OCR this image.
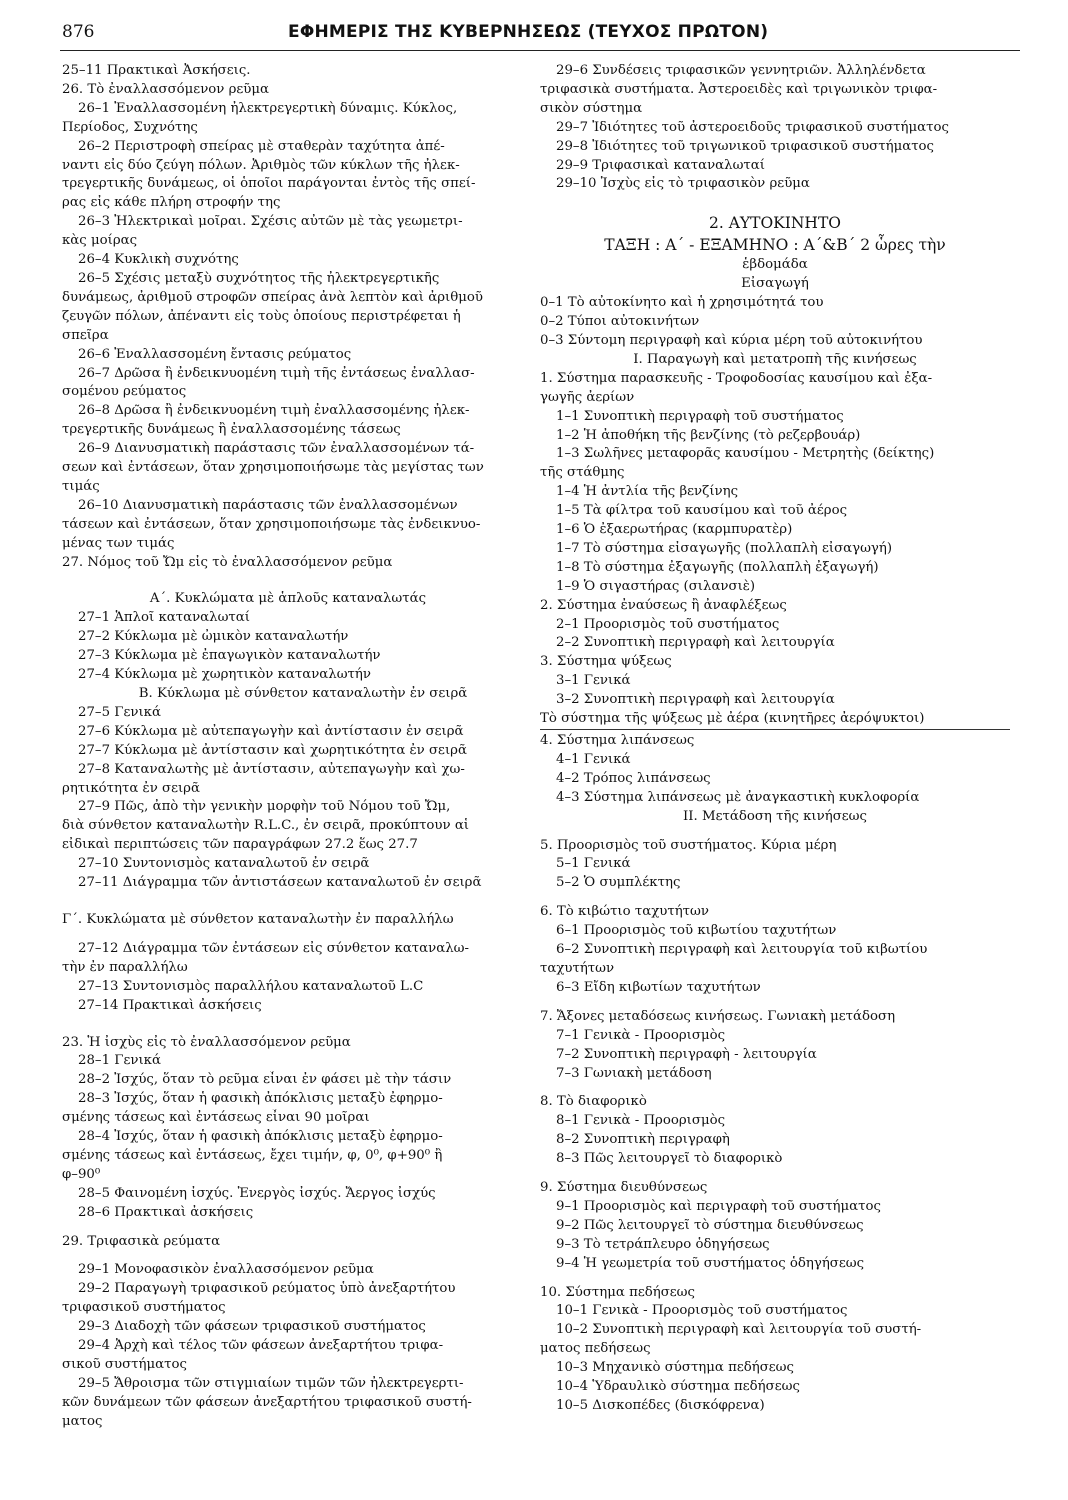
876	ΕΦΗΜΕΡΙΣ ΤΗΣ ΚΥΒΕΡΝΗΣΕΩΣ (ΤΕΥΧΟΣ ΠΡΩΤΟΝ)
25–11 Πρακτικαὶ Ἀσκήσεις.
26. Τὸ ἐναλλασσόμενον ρεῦμα
26–1 Ἐναλλασσομένη ἠλεκτρεγερτικὴ δύναμις. Κύκλος,
Περίοδος, Συχνότης
26–2 Περιστροφὴ σπείρας μὲ σταθερὰν ταχύτητα ἀπέ-
ναντι εἰς δύο ζεύγη πόλων. Ἀριθμὸς τῶν κύκλων τῆς ἠλεκ-
τρεγερτικῆς δυνάμεως, οἱ ὁποῖοι παράγονται ἐντὸς τῆς σπεί-
ρας εἰς κάθε πλήρη στροφήν της
26–3 Ἠλεκτρικαὶ μοῖραι. Σχέσις αὐτῶν μὲ τὰς γεωμετρι-
κὰς μοίρας
26–4 Κυκλικὴ συχνότης
26–5 Σχέσις μεταξὺ συχνότητος τῆς ἠλεκτρεγερτικῆς
δυνάμεως, ἀριθμοῦ στροφῶν σπείρας ἀνὰ λεπτὸν καὶ ἀριθμοῦ
ζευγῶν πόλων, ἀπέναντι εἰς τοὺς ὁποίους περιστρέφεται ἡ
σπεῖρα
26–6 Ἐναλλασσομένη ἔντασις ρεύματος
26–7 Δρῶσα ἢ ἐνδεικνυομένη τιμὴ τῆς ἐντάσεως ἐναλλασ-
σομένου ρεύματος
26–8 Δρῶσα ἢ ἐνδεικνυομένη τιμὴ ἐναλλασσομένης ἠλεκ-
τρεγερτικῆς δυνάμεως ἢ ἐναλλασσομένης τάσεως
26–9 Διανυσματικὴ παράστασις τῶν ἐναλλασσομένων τά-
σεων καὶ ἐντάσεων, ὅταν χρησιμοποιήσωμε τὰς μεγίστας των
τιμάς
26–10 Διανυσματικὴ παράστασις τῶν ἐναλλασσομένων
τάσεων καὶ ἐντάσεων, ὅταν χρησιμοποιήσωμε τὰς ἐνδεικνυο-
μένας των τιμάς
27. Νόμος τοῦ Ὤμ εἰς τὸ ἐναλλασσόμενον ρεῦμα
Α΄. Κυκλώματα μὲ ἁπλοῦς καταναλωτάς
27–1 Ἁπλοῖ καταναλωταί
27–2 Κύκλωμα μὲ ὠμικὸν καταναλωτήν
27–3 Κύκλωμα μὲ ἐπαγωγικὸν καταναλωτήν
27–4 Κύκλωμα μὲ χωρητικὸν καταναλωτήν
Β. Κύκλωμα μὲ σύνθετον καταναλωτὴν ἐν σειρᾶ
27–5 Γενικά
27–6 Κύκλωμα μὲ αὐτεπαγωγὴν καὶ ἀντίστασιν ἐν σειρᾶ
27–7 Κύκλωμα μὲ ἀντίστασιν καὶ χωρητικότητα ἐν σειρᾶ
27–8 Καταναλωτὴς μὲ ἀντίστασιν, αὐτεπαγωγὴν καὶ χω-
ρητικότητα ἐν σειρᾶ
27–9 Πῶς, ἀπὸ τὴν γενικὴν μορφὴν τοῦ Νόμου τοῦ Ὤμ,
διὰ σύνθετον καταναλωτὴν R.L.C., ἐν σειρᾶ, προκύπτουν αἱ
εἰδικαὶ περιπτώσεις τῶν παραγράφων 27.2 ἕως 27.7
27–10 Συντονισμὸς καταναλωτοῦ ἐν σειρᾶ
27–11 Διάγραμμα τῶν ἀντιστάσεων καταναλωτοῦ ἐν σειρᾶ
Γ΄. Κυκλώματα μὲ σύνθετον καταναλωτὴν ἐν παραλλήλω
27–12 Διάγραμμα τῶν ἐντάσεων εἰς σύνθετον καταναλω-
τὴν ἐν παραλλήλω
27–13 Συντονισμὸς παραλλήλου καταναλωτοῦ L.C
27–14 Πρακτικαὶ ἀσκήσεις
23. Ἡ ἰσχὺς εἰς τὸ ἐναλλασσόμενον ρεῦμα
28–1 Γενικά
28–2 Ἰσχύς, ὅταν τὸ ρεῦμα εἶναι ἐν φάσει μὲ τὴν τάσιν
28–3 Ἰσχύς, ὅταν ἡ φασικὴ ἀπόκλισις μεταξὺ ἐφηρμο-
σμένης τάσεως καὶ ἐντάσεως εἶναι 90 μοῖραι
28–4 Ἰσχύς, ὅταν ἡ φασικὴ ἀπόκλισις μεταξὺ ἐφηρμο-
σμένης τάσεως καὶ ἐντάσεως, ἔχει τιμήν, φ, 0⁰, φ+90⁰ ἢ
φ–90⁰
28–5 Φαινομένη ἰσχύς. Ἐνεργὸς ἰσχύς. Ἄεργος ἰσχύς
28–6 Πρακτικαὶ ἀσκήσεις
29. Τριφασικὰ ρεύματα
29–1 Μονοφασικὸν ἐναλλασσόμενον ρεῦμα
29–2 Παραγωγὴ τριφασικοῦ ρεύματος ὑπὸ ἀνεξαρτήτου
τριφασικοῦ συστήματος
29–3 Διαδοχὴ τῶν φάσεων τριφασικοῦ συστήματος
29–4 Ἀρχὴ καὶ τέλος τῶν φάσεων ἀνεξαρτήτου τριφα-
σικοῦ συστήματος
29–5 Ἄθροισμα τῶν στιγμιαίων τιμῶν τῶν ἠλεκτρεγερτι-
κῶν δυνάμεων τῶν φάσεων ἀνεξαρτήτου τριφασικοῦ συστή-
ματος
29–6 Συνδέσεις τριφασικῶν γεννητριῶν. Ἀλληλένδετα
τριφασικὰ συστήματα. Ἀστεροειδὲς καὶ τριγωνικὸν τριφα-
σικὸν σύστημα
29–7 Ἰδιότητες τοῦ ἀστεροειδοῦς τριφασικοῦ συστήματος
29–8 Ἰδιότητες τοῦ τριγωνικοῦ τριφασικοῦ συστήματος
29–9 Τριφασικαὶ καταναλωταί
29–10 Ἰσχὺς εἰς τὸ τριφασικὸν ρεῦμα
2. ΑΥΤΟΚΙΝΗΤΟ
ΤΑΞΗ : Α΄ - ΕΞΑΜΗΝΟ : Α΄&Β΄ 2 ὧρες τὴν
ἑβδομάδα
Εἰσαγωγή
0–1 Τὸ αὐτοκίνητο καὶ ἡ χρησιμότητά του
0–2 Τύποι αὐτοκινήτων
0–3 Σύντομη περιγραφὴ καὶ κύρια μέρη τοῦ αὐτοκινήτου
Ι. Παραγωγὴ καὶ μετατροπὴ τῆς κινήσεως
1. Σύστημα παρασκευῆς - Τροφοδοσίας καυσίμου καὶ ἐξα-
γωγῆς ἀερίων
1–1 Συνοπτικὴ περιγραφὴ τοῦ συστήματος
1–2 Ἡ ἀποθήκη τῆς βενζίνης (τὸ ρεζερβουάρ)
1–3 Σωλῆνες μεταφορᾶς καυσίμου - Μετρητὴς (δείκτης)
τῆς στάθμης
1–4 Ἡ ἀντλία τῆς βενζίνης
1–5 Τὰ φίλτρα τοῦ καυσίμου καὶ τοῦ ἀέρος
1–6 Ὁ ἐξαερωτήρας (καρμπυρατὲρ)
1–7 Τὸ σύστημα εἰσαγωγῆς (πολλαπλὴ εἰσαγωγή)
1–8 Τὸ σύστημα ἐξαγωγῆς (πολλαπλὴ ἐξαγωγή)
1–9 Ὁ σιγαστήρας (σιλανσιὲ)
2. Σύστημα ἐναύσεως ἢ ἀναφλέξεως
2–1 Προορισμὸς τοῦ συστήματος
2–2 Συνοπτικὴ περιγραφὴ καὶ λειτουργία
3. Σύστημα ψύξεως
3–1 Γενικά
3–2 Συνοπτικὴ περιγραφὴ καὶ λειτουργία
Τὸ σύστημα τῆς ψύξεως μὲ ἀέρα (κινητῆρες ἀερόψυκτοι)
4. Σύστημα λιπάνσεως
4–1 Γενικά
4–2 Τρόπος λιπάνσεως
4–3 Σύστημα λιπάνσεως μὲ ἀναγκαστικὴ κυκλοφορία
ΙΙ. Μετάδοση τῆς κινήσεως
5. Προορισμὸς τοῦ συστήματος. Κύρια μέρη
5–1 Γενικά
5–2 Ὁ συμπλέκτης
6. Τὸ κιβώτιο ταχυτήτων
6–1 Προορισμὸς τοῦ κιβωτίου ταχυτήτων
6–2 Συνοπτικὴ περιγραφὴ καὶ λειτουργία τοῦ κιβωτίου
ταχυτήτων
6–3 Εἴδη κιβωτίων ταχυτήτων
7. Ἄξονες μεταδόσεως κινήσεως. Γωνιακὴ μετάδοση
7–1 Γενικὰ - Προορισμὸς
7–2 Συνοπτικὴ περιγραφὴ - λειτουργία
7–3 Γωνιακὴ μετάδοση
8. Τὸ διαφορικὸ
8–1 Γενικὰ - Προορισμὸς
8–2 Συνοπτικὴ περιγραφὴ
8–3 Πῶς λειτουργεῖ τὸ διαφορικὸ
9. Σύστημα διευθύνσεως
9–1 Προορισμὸς καὶ περιγραφὴ τοῦ συστήματος
9–2 Πῶς λειτουργεῖ τὸ σύστημα διευθύνσεως
9–3 Τὸ τετράπλευρο ὁδηγήσεως
9–4 Ἡ γεωμετρία τοῦ συστήματος ὁδηγήσεως
10. Σύστημα πεδήσεως
10–1 Γενικὰ - Προορισμὸς τοῦ συστήματος
10–2 Συνοπτικὴ περιγραφὴ καὶ λειτουργία τοῦ συστή-
ματος πεδήσεως
10–3 Μηχανικὸ σύστημα πεδήσεως
10–4 Ὑδραυλικὸ σύστημα πεδήσεως
10–5 Δισκοπέδες (δισκόφρενα)
